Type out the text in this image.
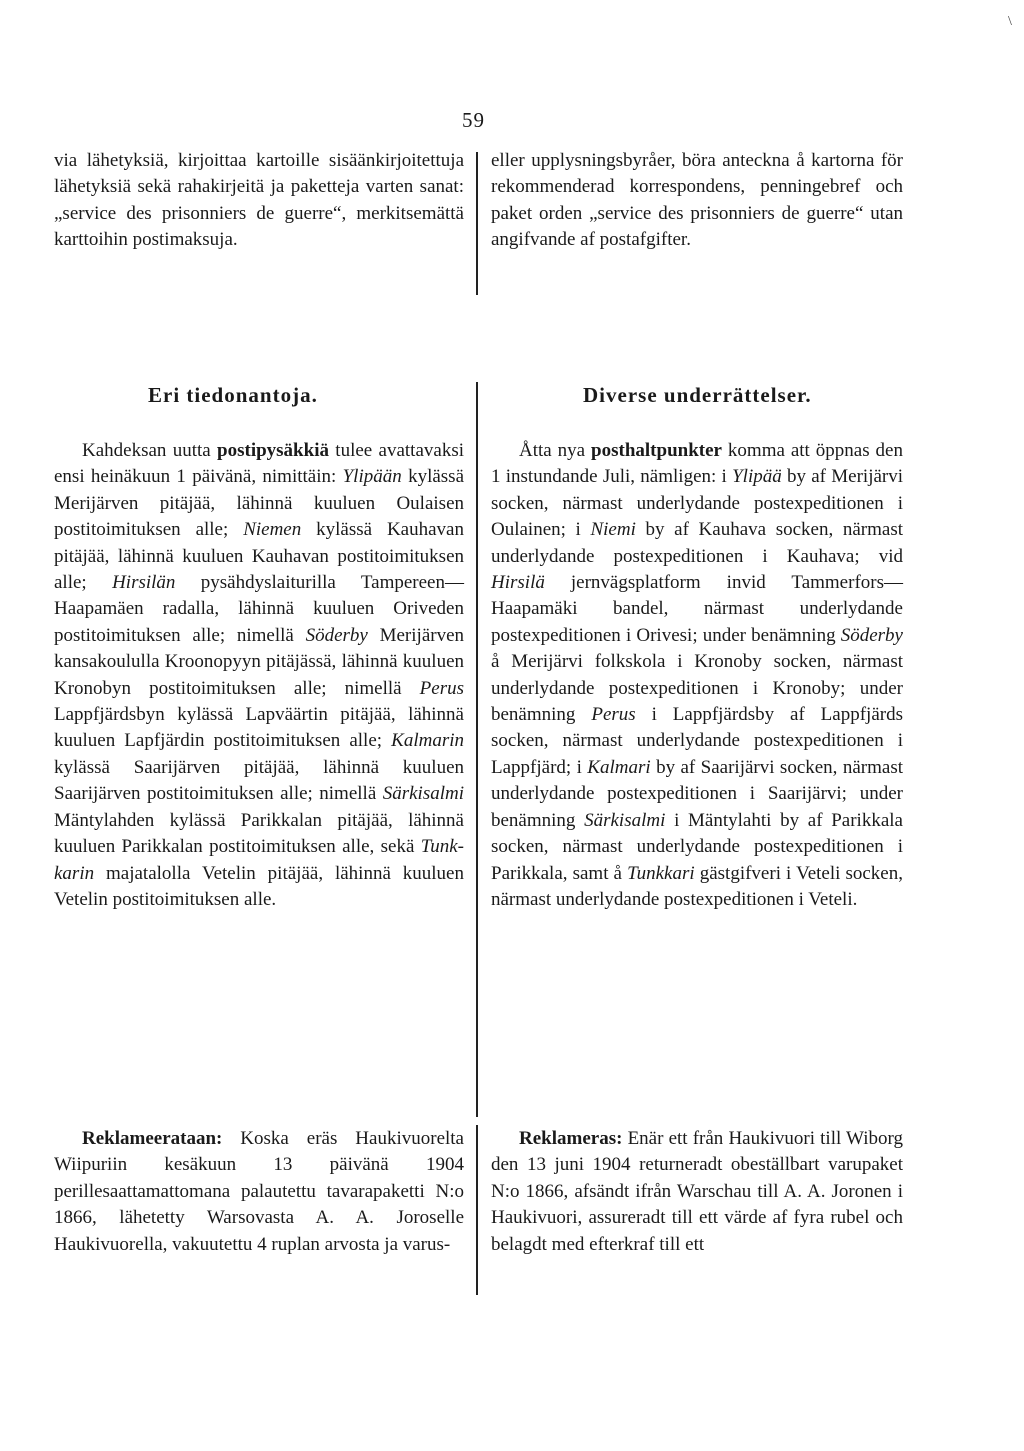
\
59

via lähetyksiä, kirjoittaa kartoille sisäänkirjoitettuja lähetyksiä sekä rahakirjeitä ja paketteja varten sanat: „service des prisonniers de guerre“, merkitsemättä karttoihin postimaksuja.

eller upplysningsbyråer, böra anteckna å kartorna för rekommenderad korrespondens, penningebref och paket orden „service des prisonniers de guerre“ utan angifvande af postafgifter.

Eri tiedonantoja.	Diverse underrättelser.

Kahdeksan uutta postipysäkkiä tulee avattavaksi ensi heinäkuun 1 päivänä, nimittäin: Ylipään kylässä Merijärven pitäjää, lähinnä kuuluen Oulaisen postitoimituksen alle; Niemen kylässä Kauhavan pitäjää, lähinnä kuuluen Kauhavan postitoimituksen alle; Hirsilän pysähdyslaiturilla Tampereen—Haapamäen radalla, lähinnä kuuluen Oriveden postitoimituksen alle; nimellä Söderby Merijärven kansakoululla Kroonopyyn pitäjässä, lähinnä kuuluen Kronobyn postitoimituksen alle; nimellä Perus Lappfjärdsbyn kylässä Lapväärtin pitäjää, lähinnä kuuluen Lapfjärdin postitoimituksen alle; Kalmarin kylässä Saarijärven pitäjää, lähinnä kuuluen Saarijärven postitoimituksen alle; nimellä Särkisalmi Mäntylahden kylässä Parikkalan pitäjää, lähinnä kuuluen Parikkalan postitoimituksen alle, sekä Tunkkarin majatalolla Vetelin pitäjää, lähinnä kuuluen Vetelin postitoimituksen alle.

Åtta nya posthaltpunkter komma att öppnas den 1 instundande Juli, nämligen: i Ylipää by af Merijärvi socken, närmast underlydande postexpeditionen i Oulainen; i Niemi by af Kauhava socken, närmast underlydande postexpeditionen i Kauhava; vid Hirsilä jernvägsplatform invid Tammerfors—Haapamäki bandel, närmast underlydande postexpeditionen i Orivesi; under benämning Söderby å Merijärvi folkskola i Kronoby socken, närmast underlydande postexpeditionen i Kronoby; under benämning Perus i Lappfjärdsby af Lappfjärds socken, närmast underlydande postexpeditionen i Lappfjärd; i Kalmari by af Saarijärvi socken, närmast underlydande postexpeditionen i Saarijärvi; under benämning Särkisalmi i Mäntylahti by af Parikkala socken, närmast underlydande postexpeditionen i Parikkala, samt å Tunkkari gästgifveri i Veteli socken, närmast underlydande postexpeditionen i Veteli.

Reklameerataan: Koska eräs Haukivuorelta Wiipuriin kesäkuun 13 päivänä 1904 perillesaattamattomana palautettu tavarapaketti N:o 1866, lähetetty Warsovasta A. A. Joroselle Haukivuorella, vakuutettu 4 ruplan arvosta ja varus-

Reklameras: Enär ett från Haukivuori till Wiborg den 13 juni 1904 returneradt obeställbart varupaket N:o 1866, afsändt ifrån Warschau till A. A. Joronen i Haukivuori, assureradt till ett värde af fyra rubel och belagdt med efterkraf till ett
